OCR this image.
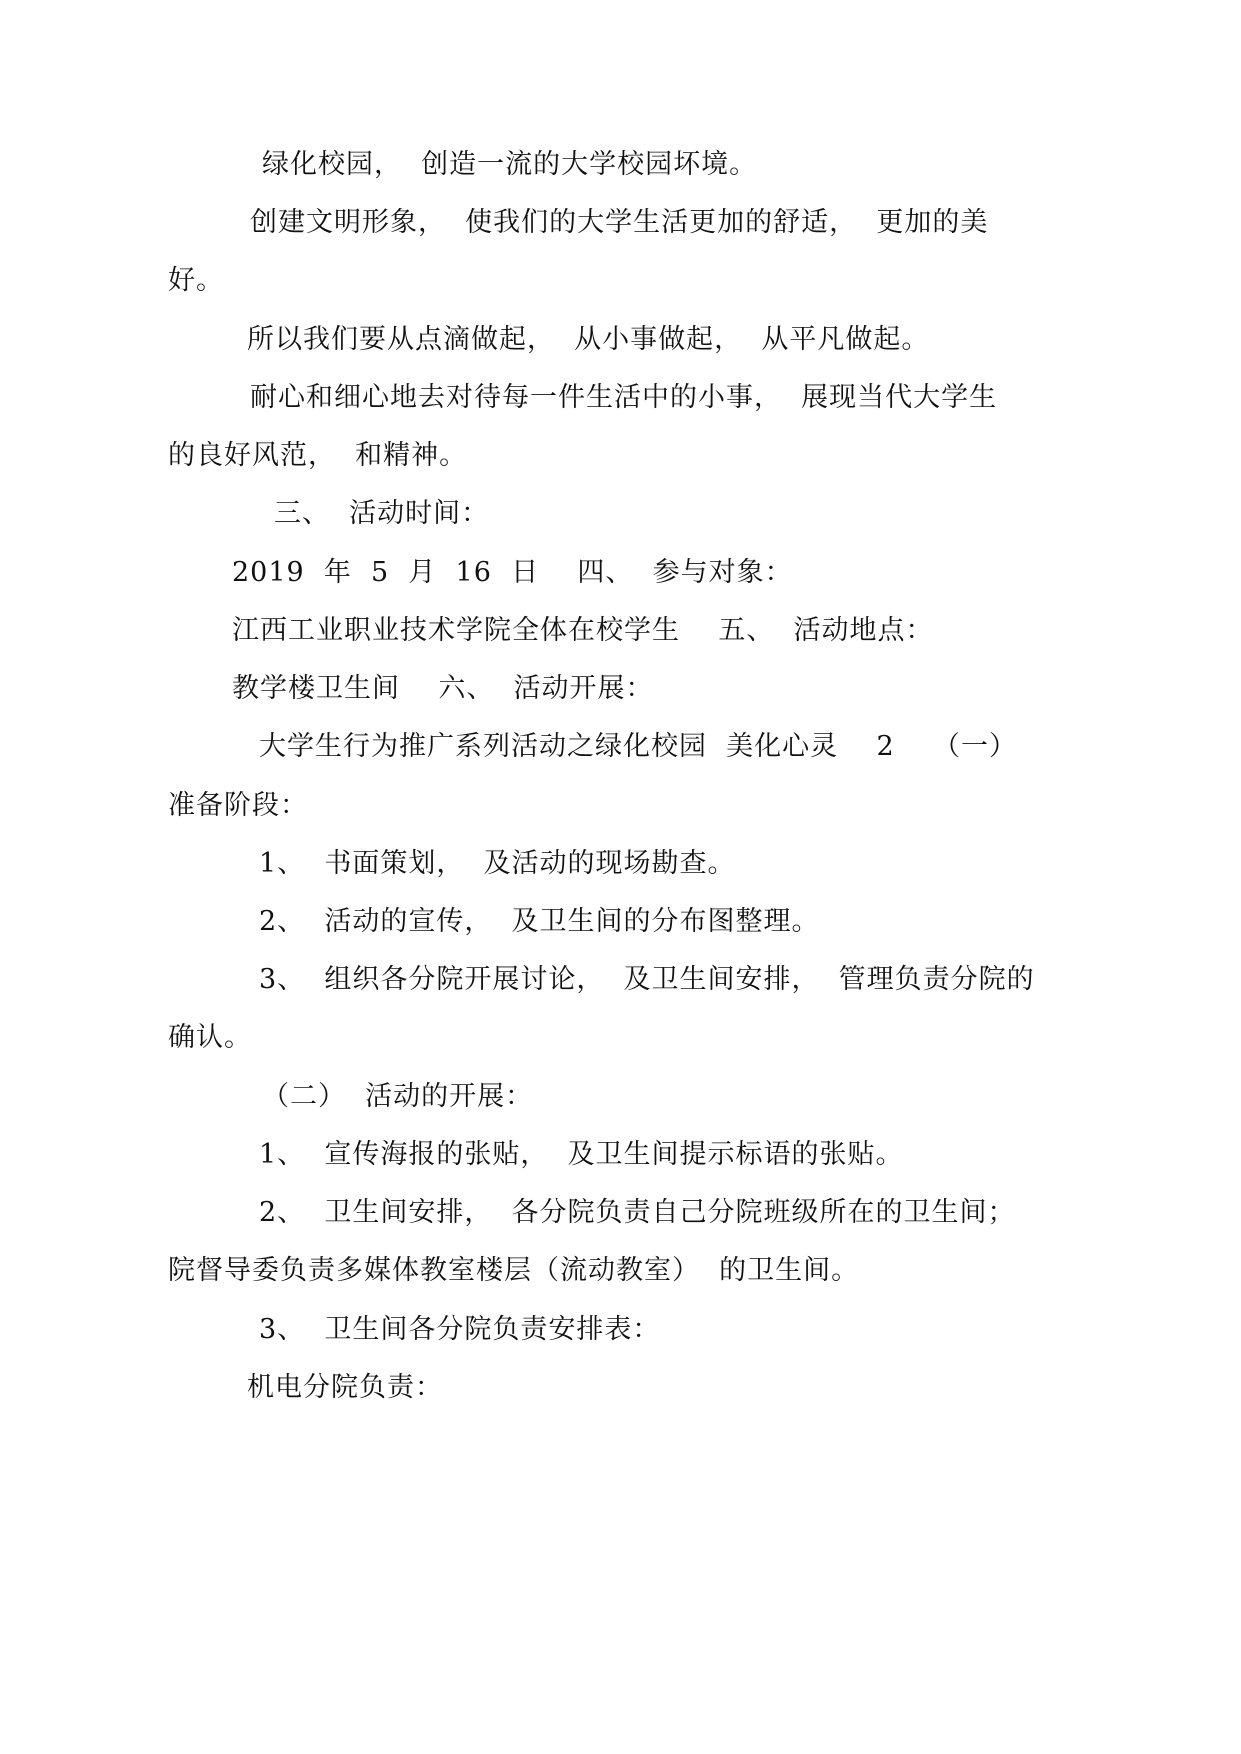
绿化校园，  创造一流的大学校园坏境。
创建文明形象，  使我们的大学生活更加的舒适，  更加的美
好。
所以我们要从点滴做起，  从小事做起，  从平凡做起。
耐心和细心地去对待每一件生活中的小事，  展现当代大学生
的良好风范，  和精神。
三、  活动时间：
2019  年  5  月  16  日    四、  参与对象：
江西工业职业技术学院全体在校学生    五、  活动地点：
教学楼卫生间    六、  活动开展：
大学生行为推广系列活动之绿化校园  美化心灵    2    （一）
准备阶段：
1、  书面策划，  及活动的现场勘查。
2、  活动的宣传，  及卫生间的分布图整理。
3、  组织各分院开展讨论，  及卫生间安排，  管理负责分院的
确认。
（二）  活动的开展：
1、  宣传海报的张贴，  及卫生间提示标语的张贴。
2、  卫生间安排，  各分院负责自己分院班级所在的卫生间；
院督导委负责多媒体教室楼层（流动教室）  的卫生间。
3、  卫生间各分院负责安排表：
机电分院负责：
